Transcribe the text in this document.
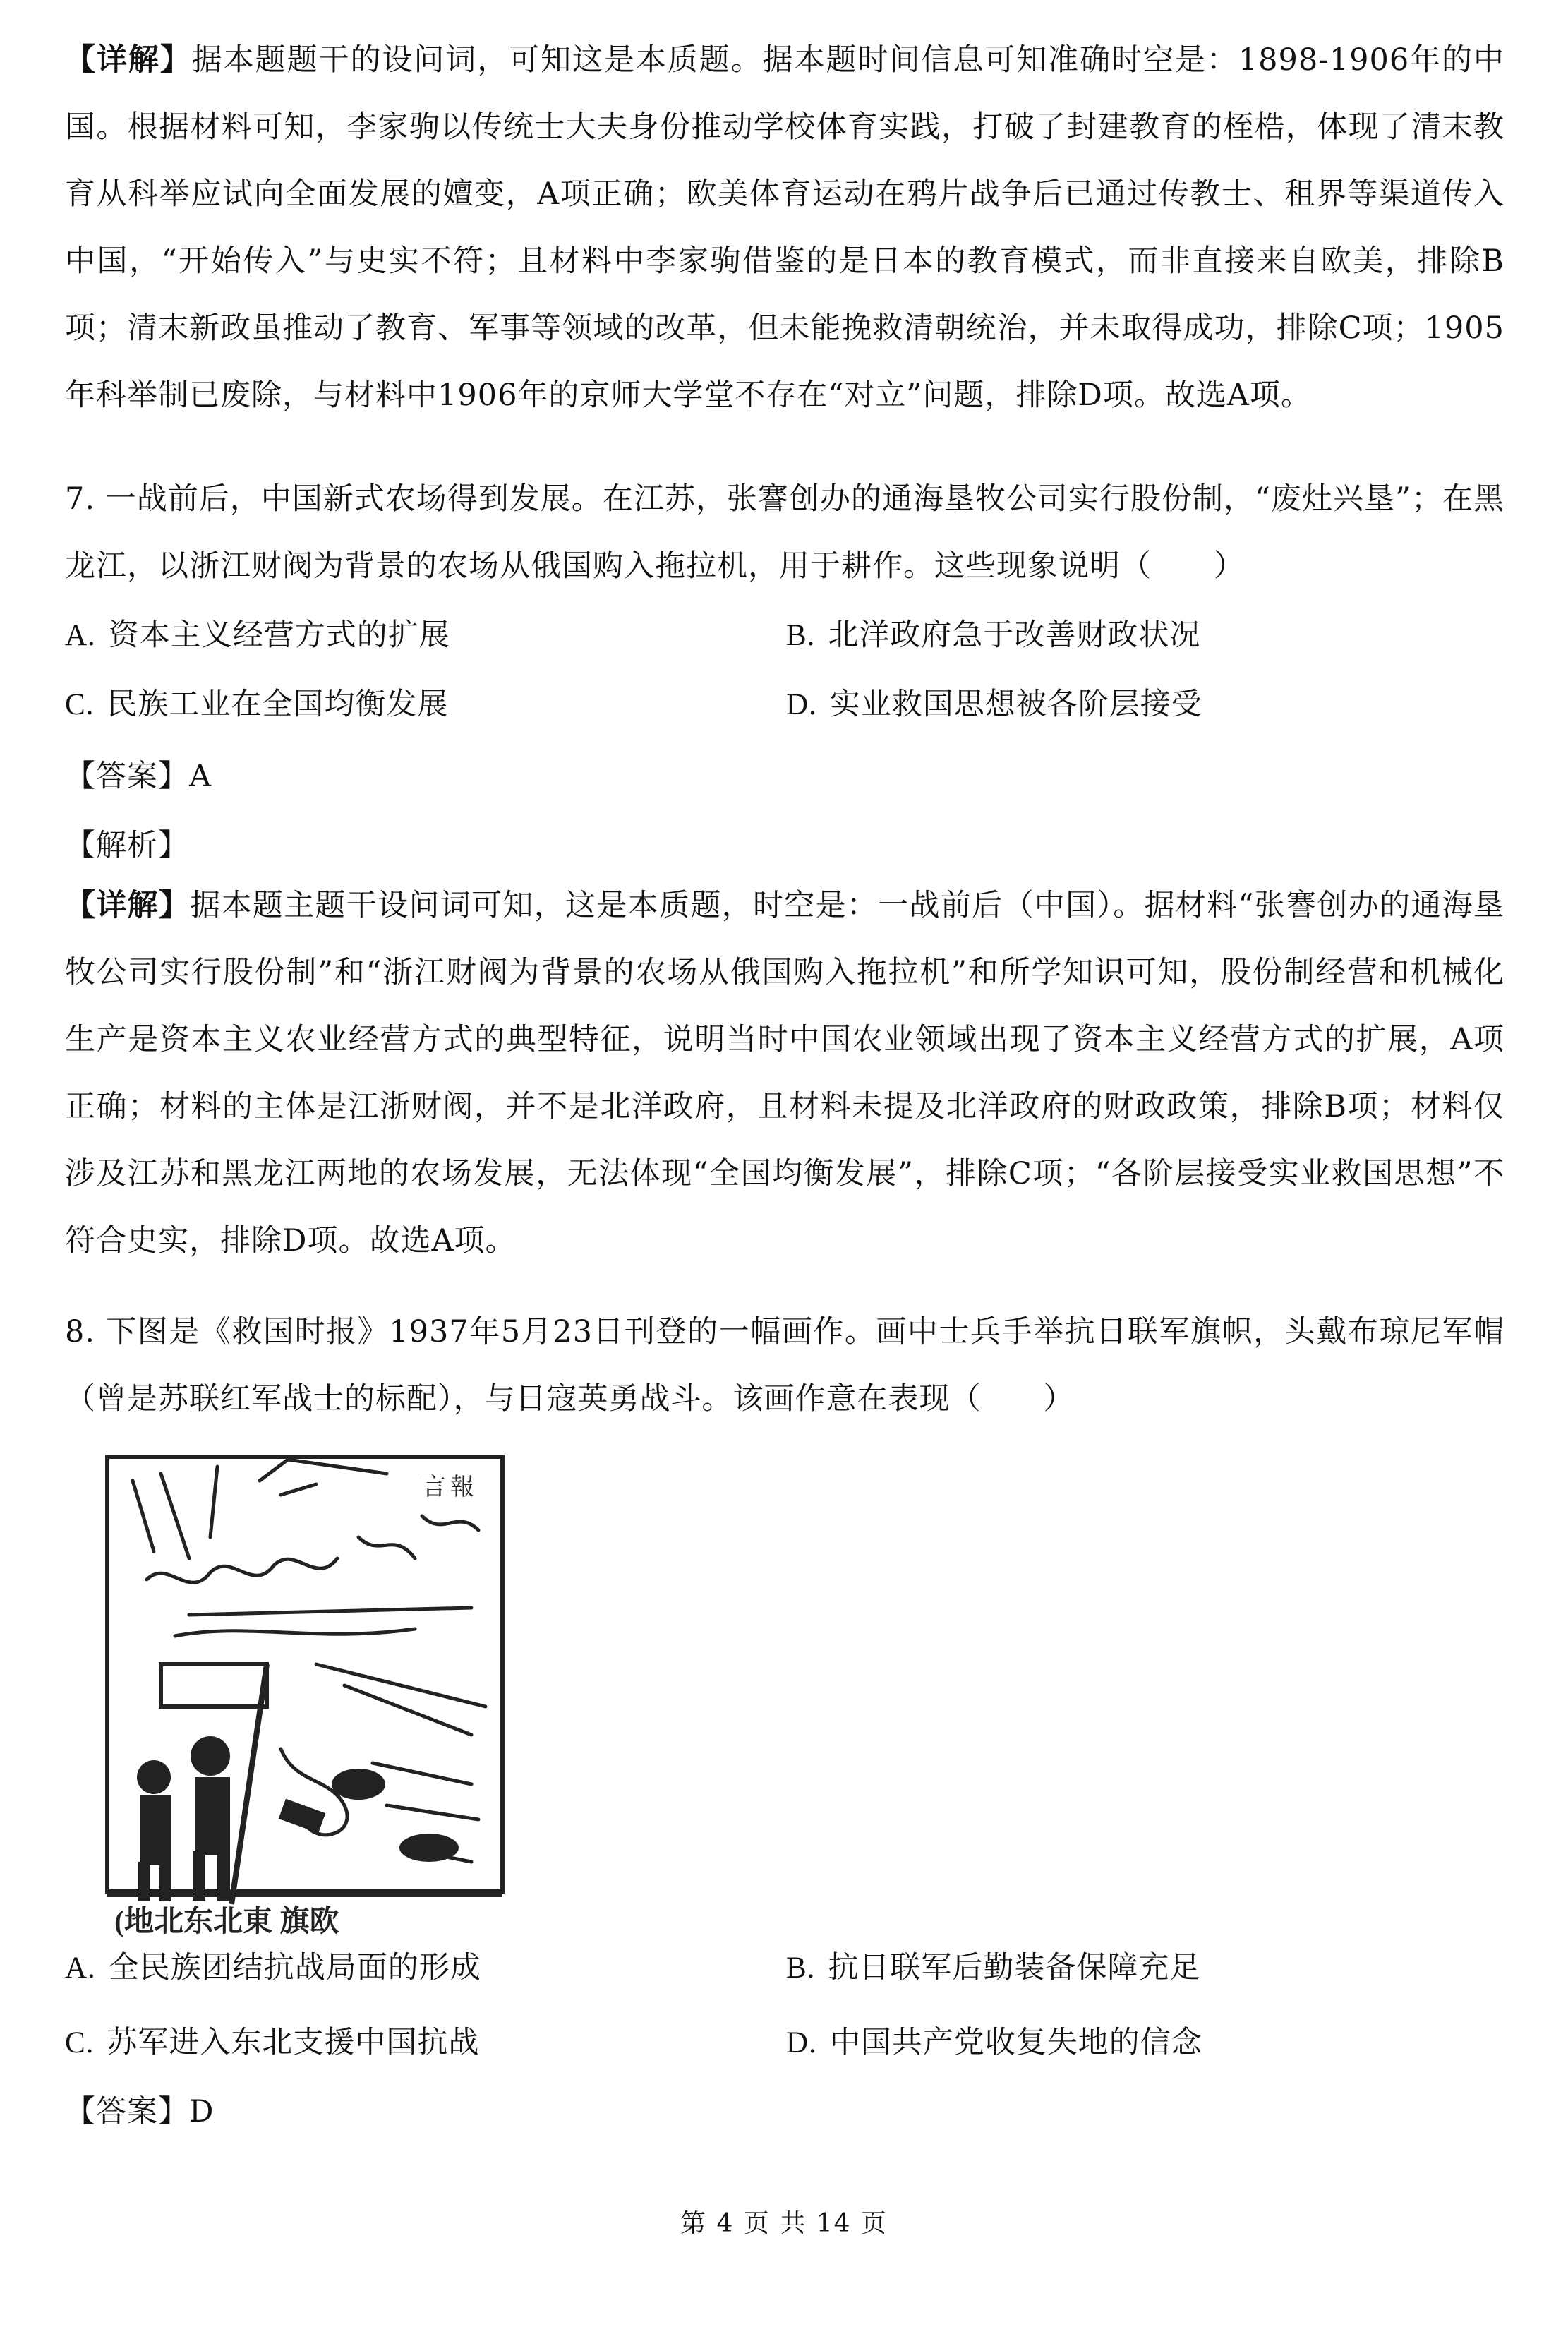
【详解】据本题题干的设问词，可知这是本质题。据本题时间信息可知准确时空是：1898-1906年的中国。根据材料可知，李家驹以传统士大夫身份推动学校体育实践，打破了封建教育的桎梏，体现了清末教育从科举应试向全面发展的嬗变，A项正确；欧美体育运动在鸦片战争后已通过传教士、租界等渠道传入中国，“开始传入”与史实不符；且材料中李家驹借鉴的是日本的教育模式，而非直接来自欧美，排除B项；清末新政虽推动了教育、军事等领域的改革，但未能挽救清朝统治，并未取得成功，排除C项；1905年科举制已废除，与材料中1906年的京师大学堂不存在“对立”问题，排除D项。故选A项。

7. 一战前后，中国新式农场得到发展。在江苏，张謇创办的通海垦牧公司实行股份制，“废灶兴垦”；在黑龙江，以浙江财阀为背景的农场从俄国购入拖拉机，用于耕作。这些现象说明（　　）

A. 资本主义经营方式的扩展	B. 北洋政府急于改善财政状况
C. 民族工业在全国均衡发展	D. 实业救国思想被各阶层接受
【答案】A
【解析】

【详解】据本题主题干设问词可知，这是本质题，时空是：一战前后（中国）。据材料“张謇创办的通海垦牧公司实行股份制”和“浙江财阀为背景的农场从俄国购入拖拉机”和所学知识可知，股份制经营和机械化生产是资本主义农业经营方式的典型特征，说明当时中国农业领域出现了资本主义经营方式的扩展，A项正确；材料的主体是江浙财阀，并不是北洋政府，且材料未提及北洋政府的财政政策，排除B项；材料仅涉及江苏和黑龙江两地的农场发展，无法体现“全国均衡发展”，排除C项；“各阶层接受实业救国思想”不符合史实，排除D项。故选A项。

8. 下图是《救国时报》1937年5月23日刊登的一幅画作。画中士兵手举抗日联军旗帜，头戴布琼尼军帽（曾是苏联红军战士的标配），与日寇英勇战斗。该画作意在表现（　　）

言 報
(地北东北東 旗欧
A. 全民族团结抗战局面的形成	B. 抗日联军后勤装备保障充足
C. 苏军进入东北支援中国抗战	D. 中国共产党收复失地的信念
【答案】D
第 4 页 共 14 页
